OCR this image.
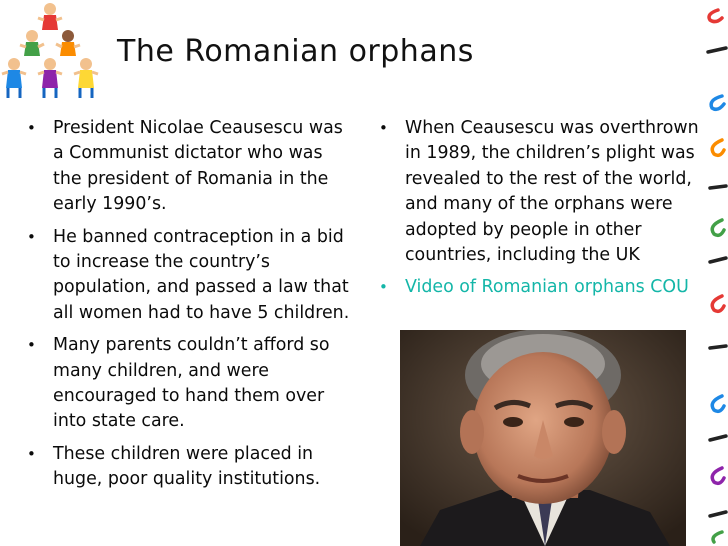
The Romanian orphans
• President Nicolae Ceausescu was a Communist dictator who was the president of Romania in the early 1990’s.
• He banned contraception in a bid to increase the country’s population, and passed a law that all women had to have 5 children.
• Many parents couldn’t afford so many children, and were encouraged to hand them over into state care.
• These children were placed in huge, poor quality institutions.
• When Ceausescu was overthrown in 1989, the children’s plight was revealed to the rest of the world, and many of the orphans were adopted by people in other countries, including the UK
• Video of Romanian orphans COU
